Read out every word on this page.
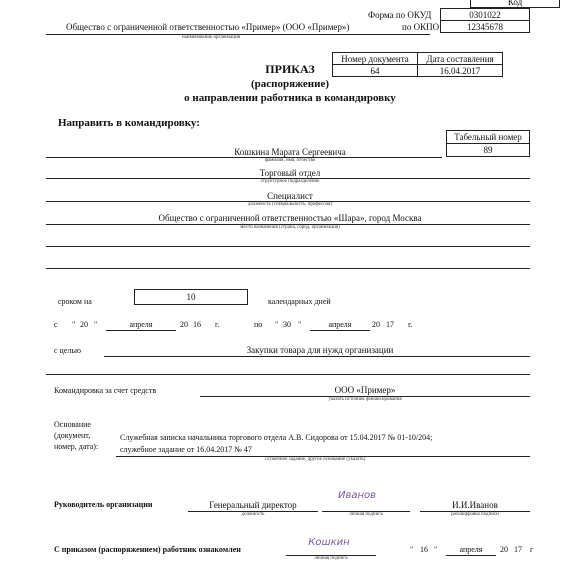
Код
Форма по ОКУД	0301022
по ОКПО	12345678
Общество с ограниченной ответственностью «Пример» (ООО «Пример»)
наименование организации
Номер документа	Дата составления
64	16.04.2017
ПРИКАЗ
(распоряжение)
о направлении работника в командировку
Направить в командировку:
Табельный номер
89
Кошкина Марата Сергеевича
фамилия, имя, отчество
Торговый отдел
структурное подразделение
Специалист
должность (специальность, профессия)
Общество с ограниченной ответственностью «Шара», город Москва
место назначения (страна, город, организация)
сроком на	10	календарных дней
с " 20 "	апреля	20 16 г.	по " 30 "	апреля	20 17 г.
с целью	Закупки товара для нужд организации
Командировка за счет средств	ООО «Пример»
указать источник финансирования
Основание
(документ,
номер, дата):
Служебная записка начальника торгового отдела А.В. Сидорова от 15.04.2017 № 01-10/204;
служебное задание от 16.04.2017 № 47
служебное задание, другое основание (указать)
Руководитель организации	Генеральный директор
должность
Иванов
личная подпись
И.И.Иванов
расшифровка подписи
С приказом (распоряжением) работник ознакомлен
Кошкин
личная подпись
" 16 "	апреля	20 17 г
